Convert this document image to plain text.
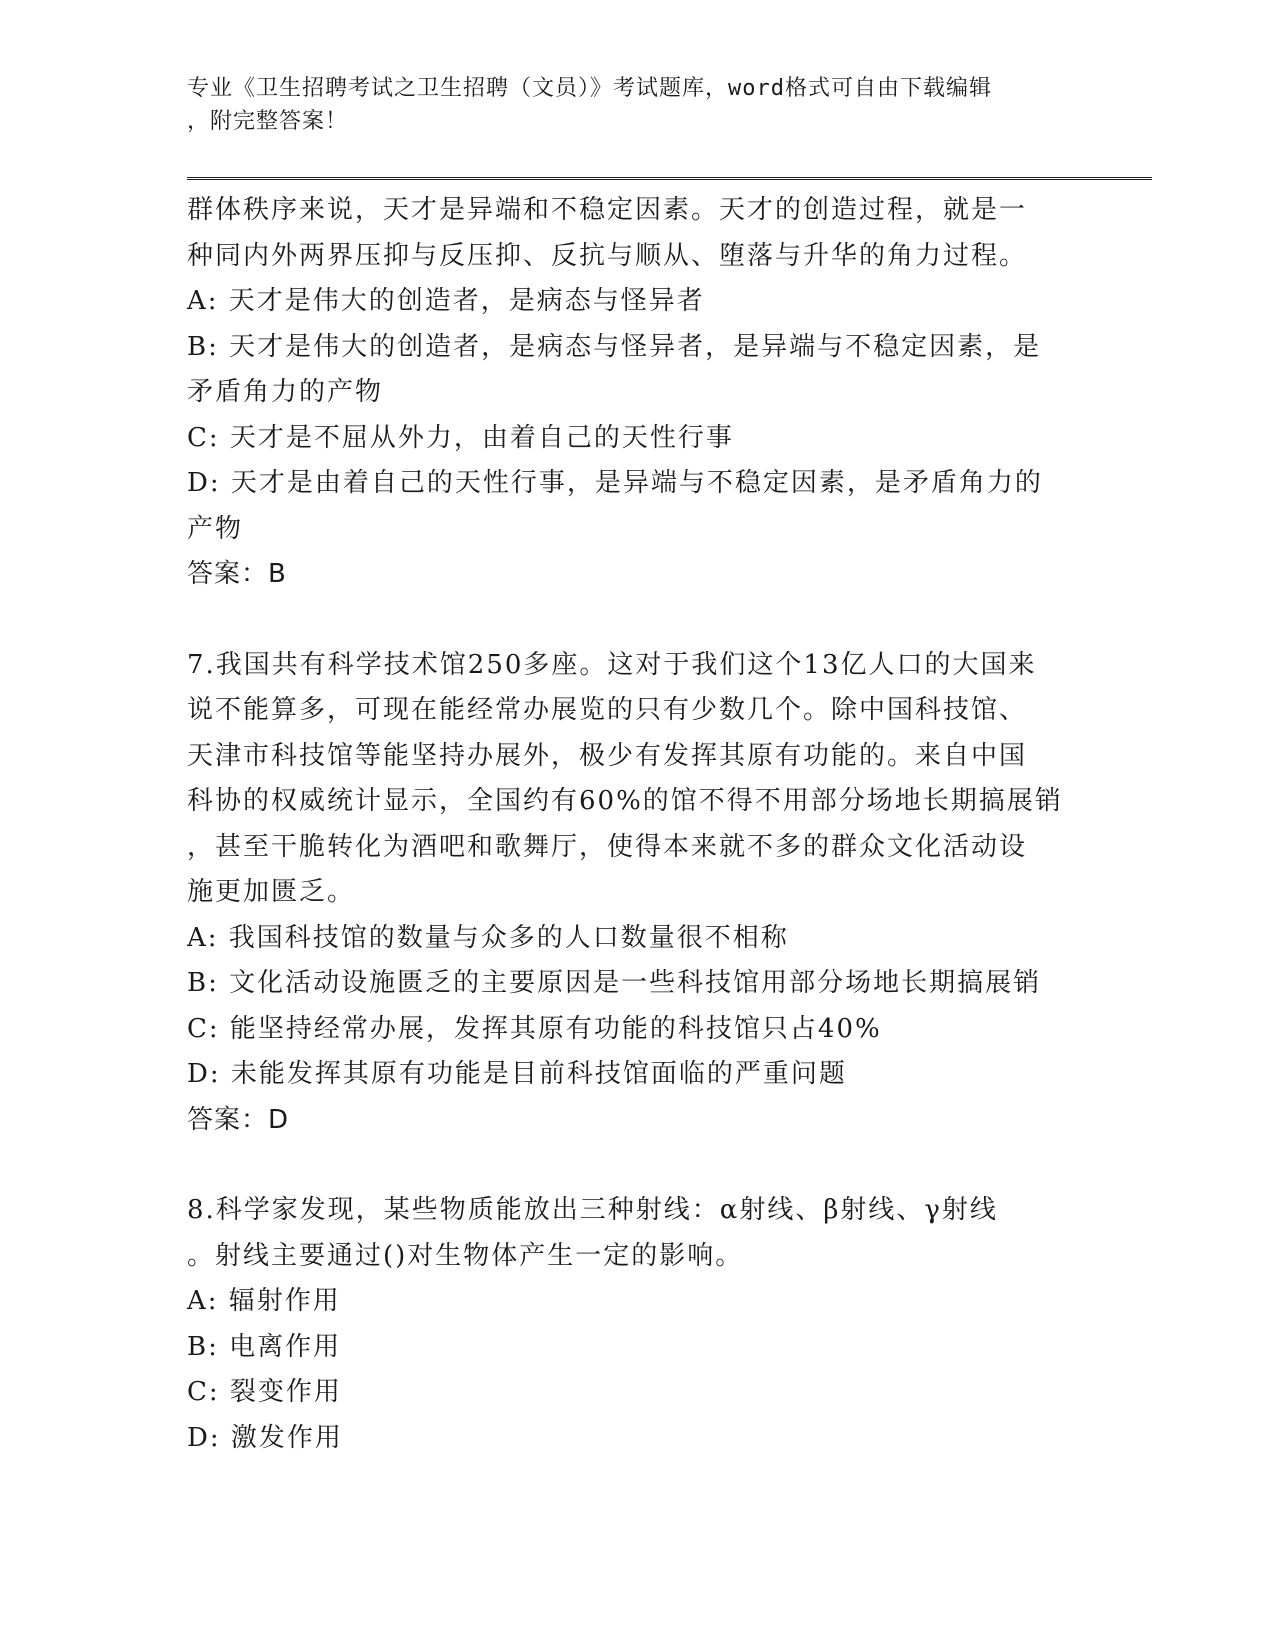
专业《卫生招聘考试之卫生招聘（文员）》考试题库，word格式可自由下载编辑
，附完整答案！
群体秩序来说，天才是异端和不稳定因素。天才的创造过程，就是一
种同内外两界压抑与反压抑、反抗与顺从、堕落与升华的角力过程。
A: 天才是伟大的创造者，是病态与怪异者
B: 天才是伟大的创造者，是病态与怪异者，是异端与不稳定因素，是
矛盾角力的产物
C: 天才是不屈从外力，由着自己的天性行事
D: 天才是由着自己的天性行事，是异端与不稳定因素，是矛盾角力的
产物
答案：B
7.我国共有科学技术馆250多座。这对于我们这个13亿人口的大国来
说不能算多，可现在能经常办展览的只有少数几个。除中国科技馆、
天津市科技馆等能坚持办展外，极少有发挥其原有功能的。来自中国
科协的权威统计显示，全国约有60%的馆不得不用部分场地长期搞展销
，甚至干脆转化为酒吧和歌舞厅，使得本来就不多的群众文化活动设
施更加匮乏。
A: 我国科技馆的数量与众多的人口数量很不相称
B: 文化活动设施匮乏的主要原因是一些科技馆用部分场地长期搞展销
C: 能坚持经常办展，发挥其原有功能的科技馆只占40%
D: 未能发挥其原有功能是目前科技馆面临的严重问题
答案：D
8.科学家发现，某些物质能放出三种射线：α射线、β射线、γ射线
。射线主要通过()对生物体产生一定的影响。
A: 辐射作用
B: 电离作用
C: 裂变作用
D: 激发作用
